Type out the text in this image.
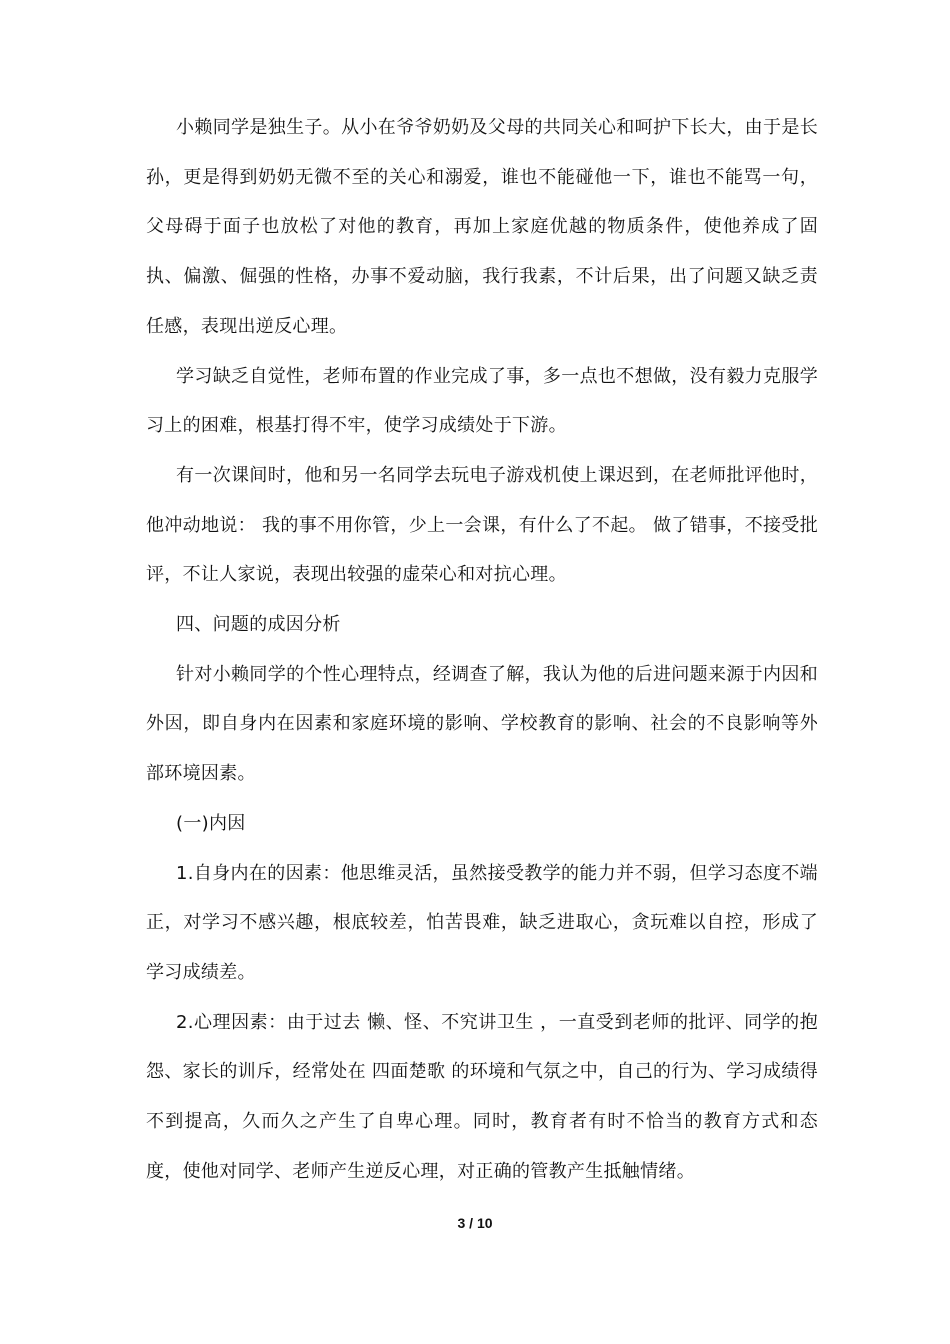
小赖同学是独生子。从小在爷爷奶奶及父母的共同关心和呵护下长大，由于是长孙，更是得到奶奶无微不至的关心和溺爱，谁也不能碰他一下，谁也不能骂一句，父母碍于面子也放松了对他的教育，再加上家庭优越的物质条件，使他养成了固执、偏激、倔强的性格，办事不爱动脑，我行我素，不计后果，出了问题又缺乏责任感，表现出逆反心理。

学习缺乏自觉性，老师布置的作业完成了事，多一点也不想做，没有毅力克服学习上的困难，根基打得不牢，使学习成绩处于下游。

有一次课间时，他和另一名同学去玩电子游戏机使上课迟到，在老师批评他时，他冲动地说： 我的事不用你管，少上一会课，有什么了不起。 做了错事，不接受批评，不让人家说，表现出较强的虚荣心和对抗心理。

四、问题的成因分析

针对小赖同学的个性心理特点，经调查了解，我认为他的后进问题来源于内因和外因，即自身内在因素和家庭环境的影响、学校教育的影响、社会的不良影响等外部环境因素。

(一)内因

1.自身内在的因素：他思维灵活，虽然接受教学的能力并不弱，但学习态度不端正，对学习不感兴趣，根底较差，怕苦畏难，缺乏进取心，贪玩难以自控，形成了学习成绩差。

2.心理因素：由于过去 懒、怪、不究讲卫生 ，一直受到老师的批评、同学的抱怨、家长的训斥，经常处在 四面楚歌 的环境和气氛之中，自己的行为、学习成绩得不到提高，久而久之产生了自卑心理。同时，教育者有时不恰当的教育方式和态度，使他对同学、老师产生逆反心理，对正确的管教产生抵触情绪。

3 / 10
